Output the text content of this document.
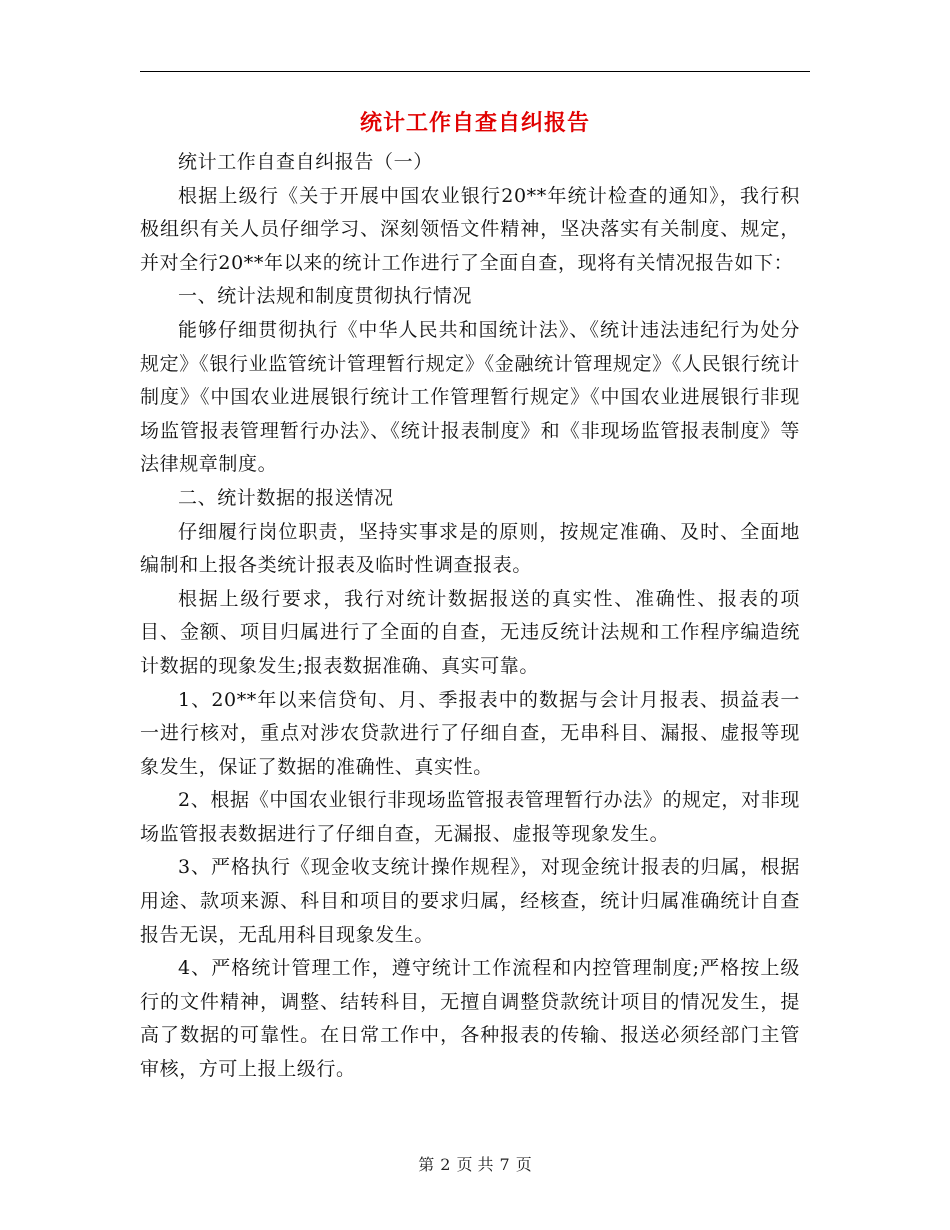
统计工作自查自纠报告

统计工作自查自纠报告（一）

根据上级行《关于开展中国农业银行20**年统计检查的通知》，我行积极组织有关人员仔细学习、深刻领悟文件精神，坚决落实有关制度、规定，并对全行20**年以来的统计工作进行了全面自查，现将有关情况报告如下：

一、统计法规和制度贯彻执行情况

能够仔细贯彻执行《中华人民共和国统计法》、《统计违法违纪行为处分规定》《银行业监管统计管理暂行规定》《金融统计管理规定》《人民银行统计制度》《中国农业进展银行统计工作管理暂行规定》《中国农业进展银行非现场监管报表管理暂行办法》、《统计报表制度》和《非现场监管报表制度》等法律规章制度。

二、统计数据的报送情况

仔细履行岗位职责，坚持实事求是的原则，按规定准确、及时、全面地编制和上报各类统计报表及临时性调查报表。

根据上级行要求，我行对统计数据报送的真实性、准确性、报表的项目、金额、项目归属进行了全面的自查，无违反统计法规和工作程序编造统计数据的现象发生;报表数据准确、真实可靠。

1、20**年以来信贷旬、月、季报表中的数据与会计月报表、损益表一一进行核对，重点对涉农贷款进行了仔细自查，无串科目、漏报、虚报等现象发生，保证了数据的准确性、真实性。

2、根据《中国农业银行非现场监管报表管理暂行办法》的规定，对非现场监管报表数据进行了仔细自查，无漏报、虚报等现象发生。

3、严格执行《现金收支统计操作规程》，对现金统计报表的归属，根据用途、款项来源、科目和项目的要求归属，经核查，统计归属准确统计自查报告无误，无乱用科目现象发生。

4、严格统计管理工作，遵守统计工作流程和内控管理制度;严格按上级行的文件精神，调整、结转科目，无擅自调整贷款统计项目的情况发生，提高了数据的可靠性。在日常工作中，各种报表的传输、报送必须经部门主管审核，方可上报上级行。

第 2 页 共 7 页
